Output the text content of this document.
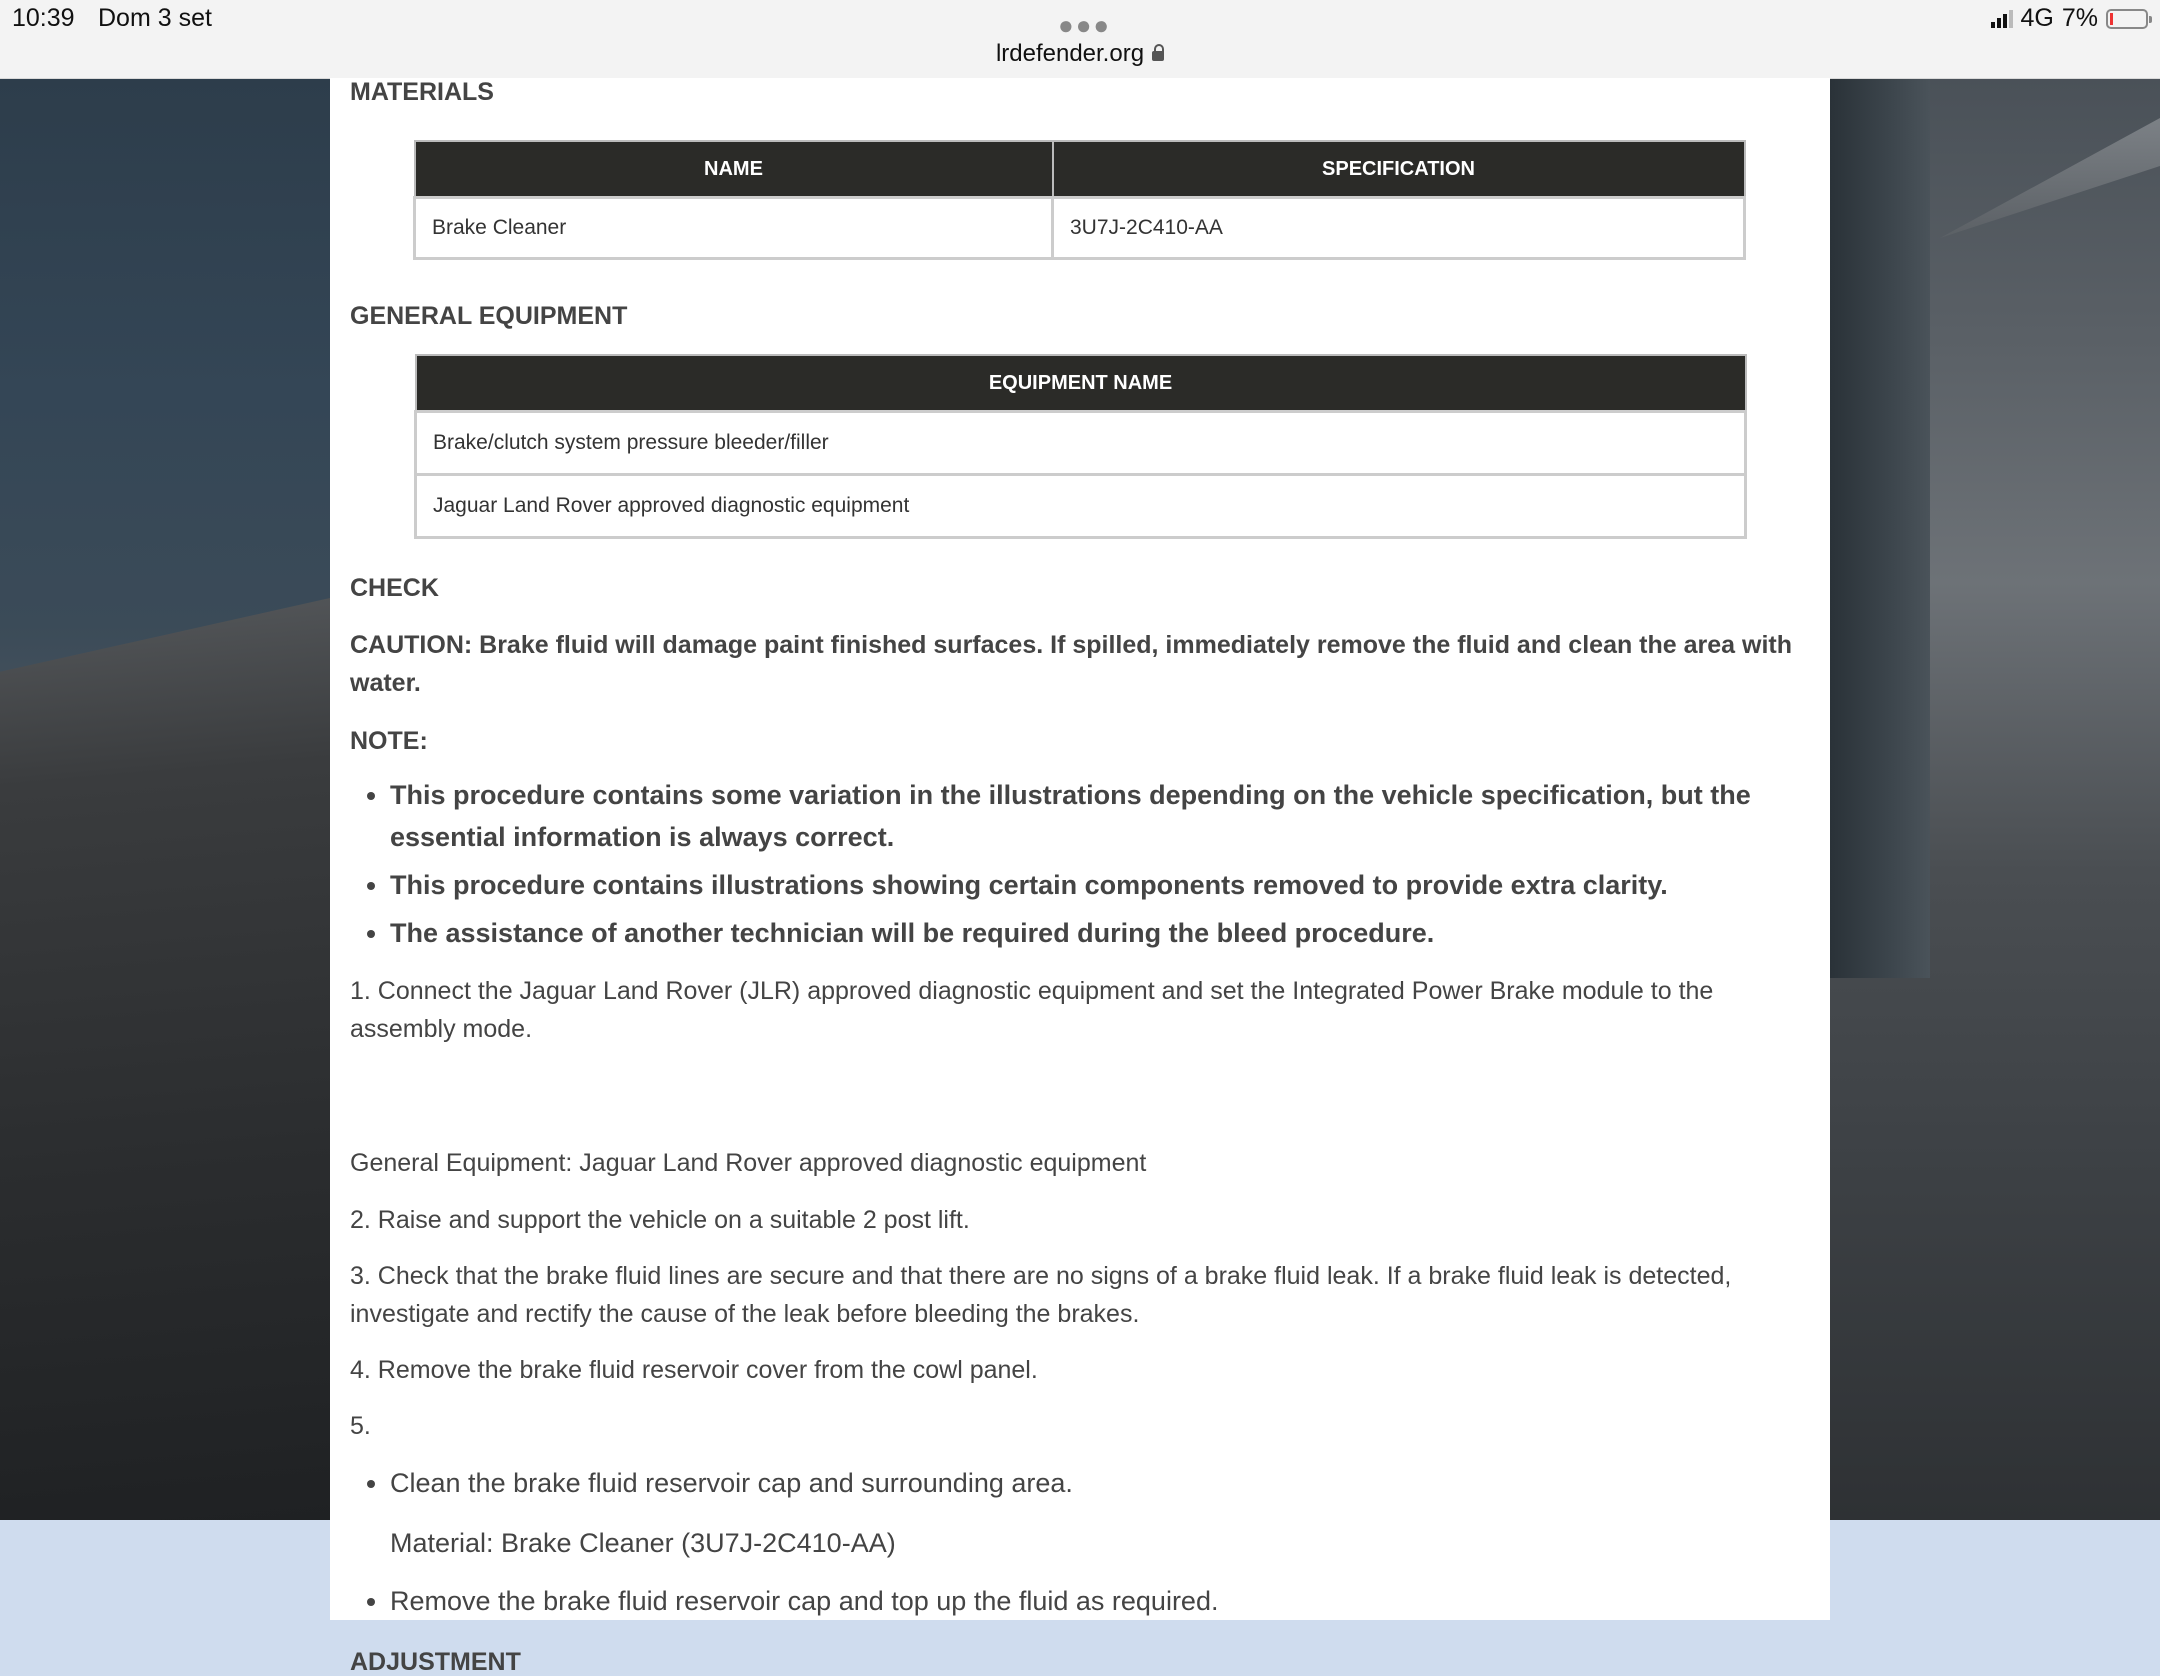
10:39 Dom 3 set	●●●
lrdefender.org
4G 7%
MATERIALS
NAME	SPECIFICATION
Brake Cleaner	3U7J-2C410-AA
GENERAL EQUIPMENT
EQUIPMENT NAME
Brake/clutch system pressure bleeder/filler
Jaguar Land Rover approved diagnostic equipment
CHECK

CAUTION: Brake fluid will damage paint finished surfaces. If spilled, immediately remove the fluid and clean the area with water.

NOTE:

• This procedure contains some variation in the illustrations depending on the vehicle specification, but the essential information is always correct.
• This procedure contains illustrations showing certain components removed to provide extra clarity.
• The assistance of another technician will be required during the bleed procedure.

1. Connect the Jaguar Land Rover (JLR) approved diagnostic equipment and set the Integrated Power Brake module to the assembly mode.

General Equipment: Jaguar Land Rover approved diagnostic equipment

2. Raise and support the vehicle on a suitable 2 post lift.

3. Check that the brake fluid lines are secure and that there are no signs of a brake fluid leak. If a brake fluid leak is detected, investigate and rectify the cause of the leak before bleeding the brakes.

4. Remove the brake fluid reservoir cover from the cowl panel.

5.

• Clean the brake fluid reservoir cap and surrounding area.
Material: Brake Cleaner (3U7J-2C410-AA)
• Remove the brake fluid reservoir cap and top up the fluid as required.
ADJUSTMENT
